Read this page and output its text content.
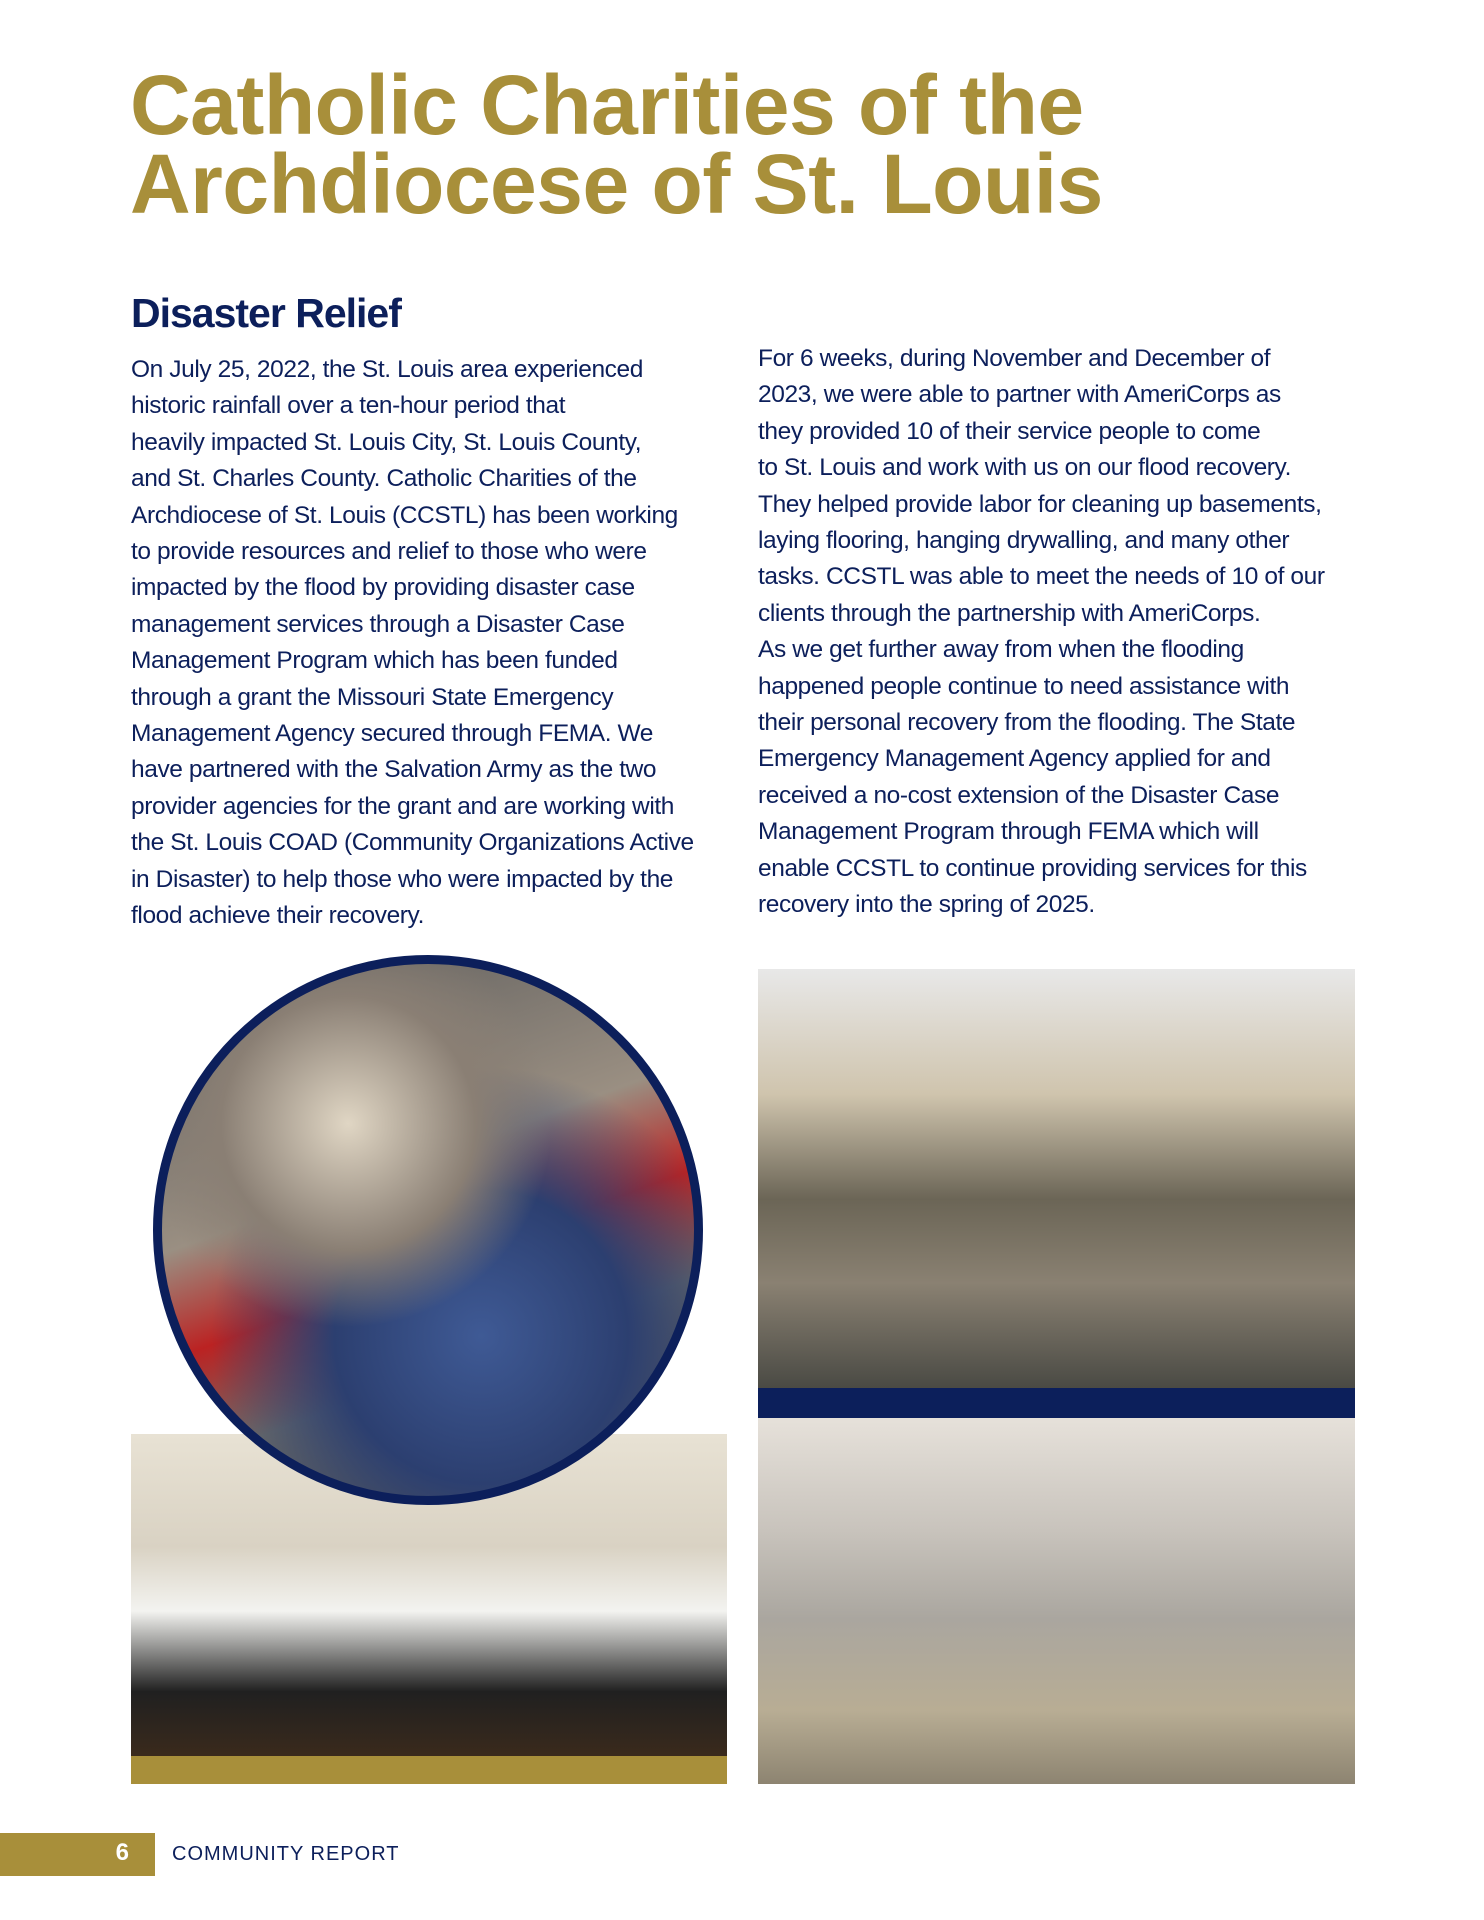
Catholic Charities of the
Archdiocese of St. Louis
Disaster Relief
On July 25, 2022, the St. Louis area experienced
historic rainfall over a ten-hour period that
heavily impacted St. Louis City, St. Louis County,
and St. Charles County. Catholic Charities of the
Archdiocese of St. Louis (CCSTL) has been working
to provide resources and relief to those who were
impacted by the flood by providing disaster case
management services through a Disaster Case
Management Program which has been funded
through a grant the Missouri State Emergency
Management Agency secured through FEMA. We
have partnered with the Salvation Army as the two
provider agencies for the grant and are working with
the St. Louis COAD (Community Organizations Active
in Disaster) to help those who were impacted by the
flood achieve their recovery.
For 6 weeks, during November and December of
2023, we were able to partner with AmeriCorps as
they provided 10 of their service people to come
to St. Louis and work with us on our flood recovery.
They helped provide labor for cleaning up basements,
laying flooring, hanging drywalling, and many other
tasks. CCSTL was able to meet the needs of 10 of our
clients through the partnership with AmeriCorps.
As we get further away from when the flooding
happened people continue to need assistance with
their personal recovery from the flooding. The State
Emergency Management Agency applied for and
received a no-cost extension of the Disaster Case
Management Program through FEMA which will
enable CCSTL to continue providing services for this
recovery into the spring of 2025.
6 COMMUNITY REPORT
